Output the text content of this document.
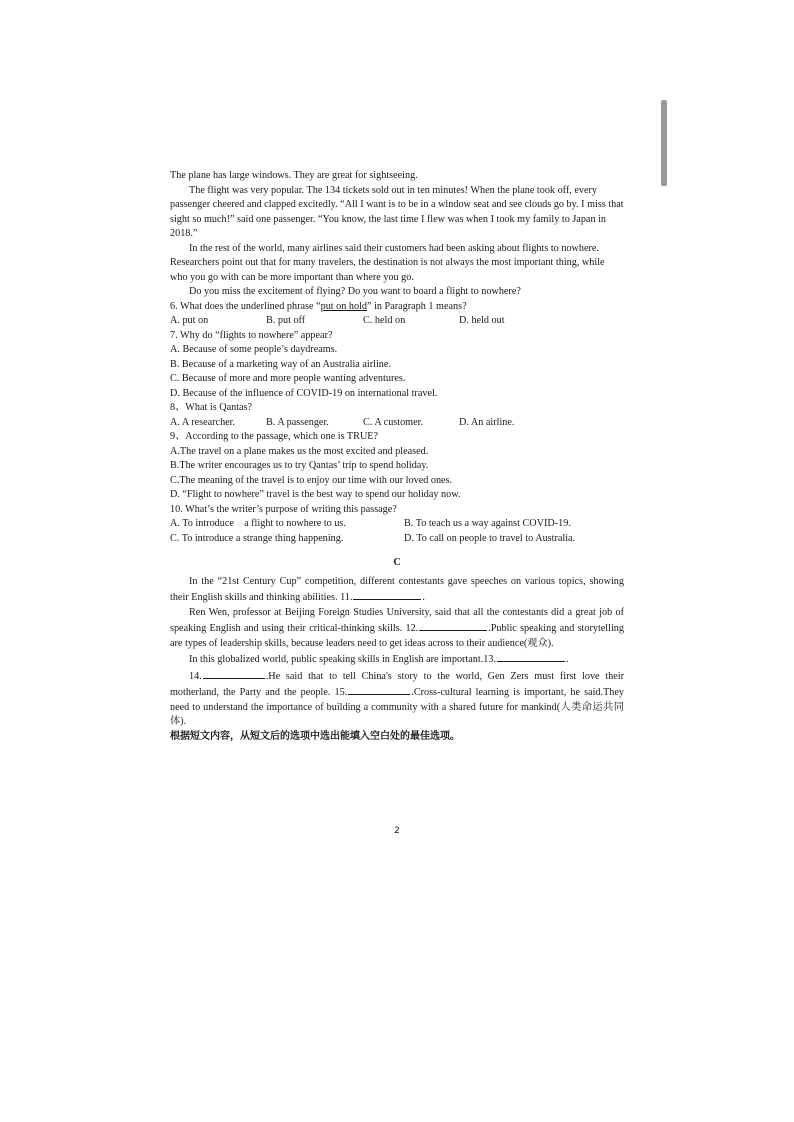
The plane has large windows. They are great for sightseeing.

The flight was very popular. The 134 tickets sold out in ten minutes! When the plane took off, every passenger cheered and clapped excitedly. “All I want is to be in a window seat and see clouds go by. I miss that sight so much!” said one passenger. “You know, the last time I flew was when I took my family to Japan in 2018.”

In the rest of the world, many airlines said their customers had been asking about flights to nowhere. Researchers point out that for many travelers, the destination is not always the most important thing, while who you go with can be more important than where you go.

Do you miss the excitement of flying? Do you want to board a flight to nowhere?

6. What does the underlined phrase “put on hold” in Paragraph 1 means?

A. put on	B. put off	C. held on	D. held out

7. Why do “flights to nowhere” appear?

A. Because of some people’s daydreams.

B. Because of a marketing way of an Australia airline.

C. Because of more and more people wanting adventures.

D. Because of the influence of COVID-19 on international travel.

8、What is Qantas?

A. A researcher.	B. A passenger.	C. A customer.	D. An airline.

9、According to the passage, which one is TRUE?

A.The travel on a plane makes us the most excited and pleased.

B.The writer encourages us to try Qantas’ trip to spend holiday.

C.The meaning of the travel is to enjoy our time with our loved ones.

D. “Flight to nowhere” travel is the best way to spend our holiday now.

10. What’s the writer’s purpose of writing this passage?

A. To introduce    a flight to nowhere to us.	B. To teach us a way against COVID-19.
C. To introduce a strange thing happening.	D. To call on people to travel to Australia.

C

In the “21st Century Cup” competition, different contestants gave speeches on various topics, showing their English skills and thinking abilities. 11.	.

Ren Wen, professor at Beijing Foreign Studies University, said that all the contestants did a great job of speaking English and using their critical-thinking skills. 12.	.Public speaking and storytelling are types of leadership skills, because leaders need to get ideas across to their audience(观众).

In this globalized world, public speaking skills in English are important.13.	.

14.	.He said that to tell China's story to the world, Gen Zers must first love their motherland, the Party and the people. 15.	.Cross-cultural learning is important, he said.They need to understand the importance of building a community with a shared future for mankind(人类命运共同体).

根据短文内容，从短文后的选项中选出能填入空白处的最佳选项。

2
